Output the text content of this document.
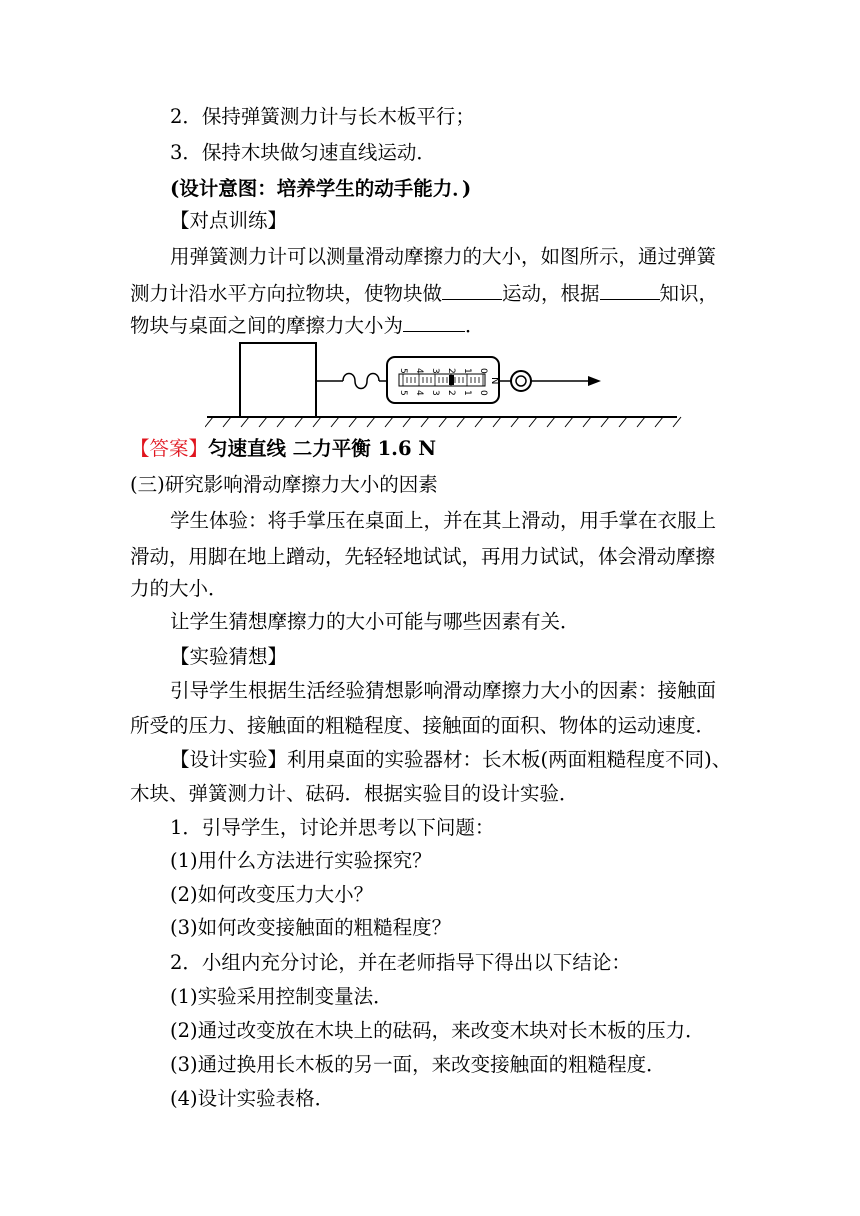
2．保持弹簧测力计与长木板平行；
3．保持木块做匀速直线运动．
(设计意图：培养学生的动手能力．)
【对点训练】
用弹簧测力计可以测量滑动摩擦力的大小，如图所示，通过弹簧
测力计沿水平方向拉物块，使物块做	运动，根据	知识，
物块与桌面之间的摩擦力大小为	．
5 4 3 2 1 0
5 4 3 2 1 0
N
【答案】匀速直线 二力平衡 1.6 N
(三)研究影响滑动摩擦力大小的因素
学生体验：将手掌压在桌面上，并在其上滑动，用手掌在衣服上
滑动，用脚在地上蹭动，先轻轻地试试，再用力试试，体会滑动摩擦
力的大小．
让学生猜想摩擦力的大小可能与哪些因素有关．
【实验猜想】
引导学生根据生活经验猜想影响滑动摩擦力大小的因素：接触面
所受的压力、接触面的粗糙程度、接触面的面积、物体的运动速度．
【设计实验】利用桌面的实验器材：长木板(两面粗糙程度不同)、
木块、弹簧测力计、砝码．根据实验目的设计实验．
1．引导学生，讨论并思考以下问题：
(1)用什么方法进行实验探究？
(2)如何改变压力大小？
(3)如何改变接触面的粗糙程度？
2．小组内充分讨论，并在老师指导下得出以下结论：
(1)实验采用控制变量法．
(2)通过改变放在木块上的砝码，来改变木块对长木板的压力．
(3)通过换用长木板的另一面，来改变接触面的粗糙程度．
(4)设计实验表格．
